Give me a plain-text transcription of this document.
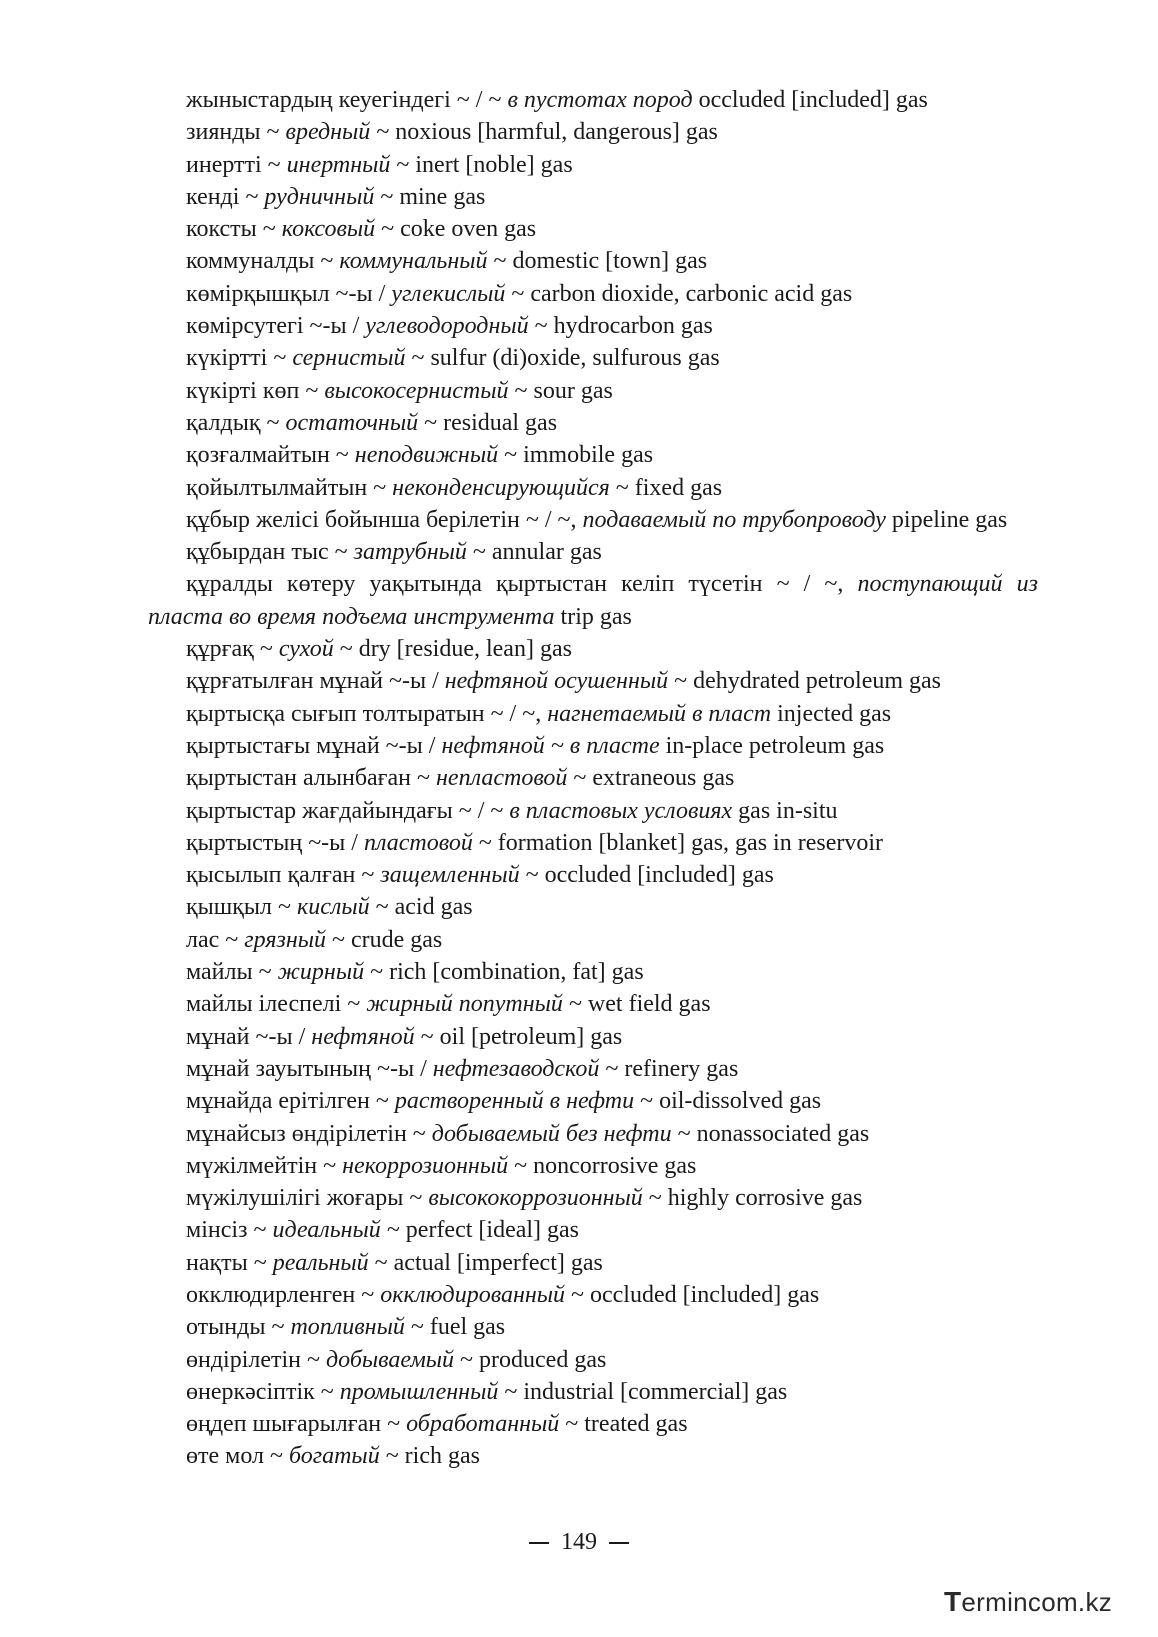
жыныстардың кеуегіндегі ~ / ~ в пустотах пород occluded [included] gas

зиянды ~ вредный ~ noxious [harmful, dangerous] gas

инертті ~ инертный ~ inert [noble] gas

кенді ~ рудничный ~ mine gas

коксты ~ коксовый ~ coke oven gas

коммуналды ~ коммунальный ~ domestic [town] gas

көмірқышқыл ~-ы / углекислый ~ carbon dioxide, carbonic acid gas

көмірсутегі ~-ы / углеводородный ~ hydrocarbon gas

күкіртті ~ сернистый ~ sulfur (di)oxide, sulfurous gas

күкірті көп ~ высокосернистый ~ sour gas

қалдық ~ остаточный ~ residual gas

қозғалмайтын ~ неподвижный ~ immobile gas

қойылтылмайтын ~ неконденсирующийся ~ fixed gas

құбыр желісі бойынша берілетін ~ / ~, подаваемый по трубопроводу pipeline gas

құбырдан тыс ~ затрубный ~ annular gas

құралды көтеру уақытында қыртыстан келіп түсетін ~ / ~, поступающий из пласта во время подъема инструмента trip gas

құрғақ ~ сухой ~ dry [residue, lean] gas

құрғатылған мұнай ~-ы / нефтяной осушенный ~ dehydrated petroleum gas

қыртысқа сығып толтыратын ~ / ~, нагнетаемый в пласт injected gas

қыртыстағы мұнай ~-ы / нефтяной ~ в пласте in-place petroleum gas

қыртыстан алынбаған ~ непластовой ~ extraneous gas

қыртыстар жағдайындағы ~ / ~ в пластовых условиях gas in-situ

қыртыстың ~-ы / пластовой ~ formation [blanket] gas, gas in reservoir

қысылып қалған ~ защемленный ~ occluded [included] gas

қышқыл ~ кислый ~ acid gas

лас ~ грязный ~ crude gas

майлы ~ жирный ~ rich [combination, fat] gas

майлы ілеспелі ~ жирный попутный ~ wet field gas

мұнай ~-ы / нефтяной ~ oil [petroleum] gas

мұнай зауытының ~-ы / нефтезаводской ~ refinery gas

мұнайда ерітілген ~ растворенный в нефти ~ oil-dissolved gas

мұнайсыз өндірілетін ~ добываемый без нефти ~ nonassociated gas

мүжілмейтін ~ некоррозионный ~ noncorrosive gas

мүжілушілігі жоғары ~ высококоррозионный ~ highly corrosive gas

мінсіз ~ идеальный ~ perfect [ideal] gas

нақты ~ реальный ~ actual [imperfect] gas

окклюдирленген ~ окклюдированный ~ occluded [included] gas

отынды ~ топливный ~ fuel gas

өндірілетін ~ добываемый ~ produced gas

өнеркәсіптік ~ промышленный ~ industrial [commercial] gas

өңдеп шығарылған ~ обработанный ~ treated gas

өте мол ~ богатый ~ rich gas

149
Termincom.kz
